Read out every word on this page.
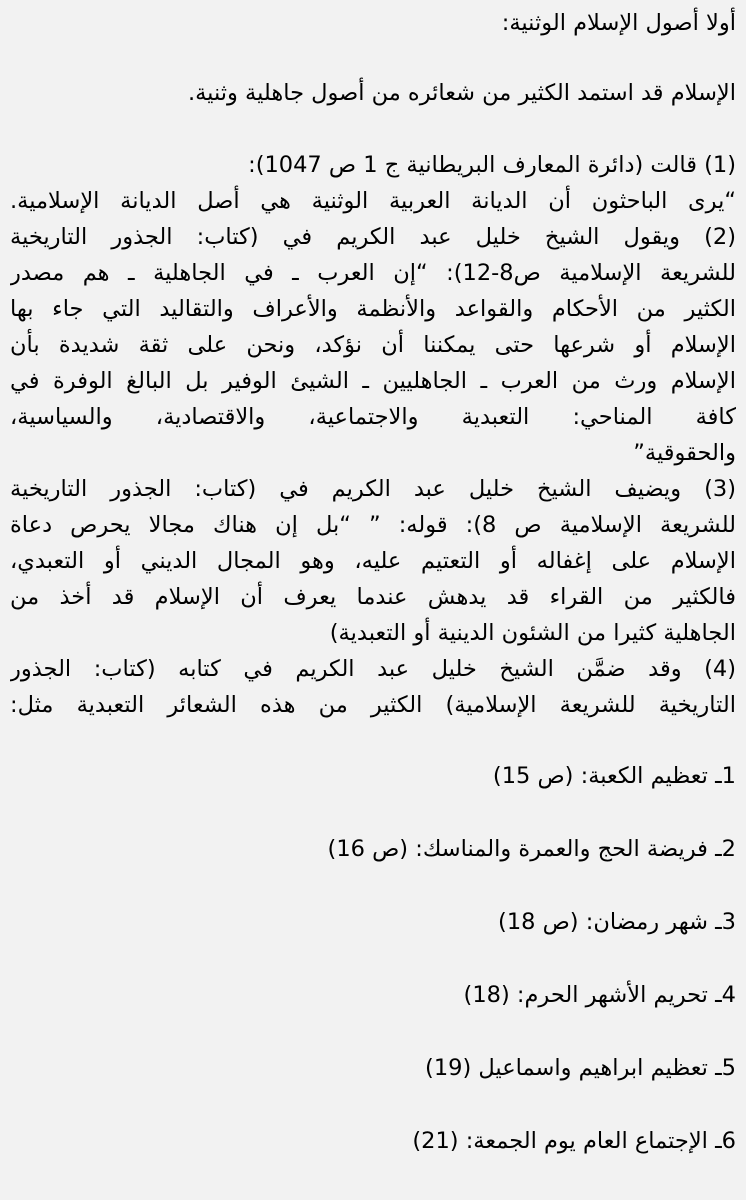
أولا أصول الإسلام الوثنية:
الإسلام قد استمد الكثير من شعائره من أصول جاهلية وثنية.
(1) قالت (دائرة المعارف البريطانية ج 1 ص 1047):
“يرى الباحثون أن الديانة العربية الوثنية هي أصل الديانة الإسلامية.
(2) ويقول الشيخ خليل عبد الكريم في (كتاب: الجذور التاريخية
للشريعة الإسلامية ص8-12): “إن العرب ـ في الجاهلية ـ هم مصدر
الكثير من الأحكام والقواعد والأنظمة والأعراف والتقاليد التي جاء بها
الإسلام أو شرعها حتى يمكننا أن نؤكد، ونحن على ثقة شديدة بأن
الإسلام ورث من العرب ـ الجاهليين ـ الشيئ الوفير بل البالغ الوفرة في
كافة المناحي: التعبدية والاجتماعية، والاقتصادية، والسياسية،
والحقوقية”
(3) ويضيف الشيخ خليل عبد الكريم في (كتاب: الجذور التاريخية
للشريعة الإسلامية ص 8): قوله: ” “بل إن هناك مجالا يحرص دعاة
الإسلام على إغفاله أو التعتيم عليه، وهو المجال الديني أو التعبدي،
فالكثير من القراء قد يدهش عندما يعرف أن الإسلام قد أخذ من
الجاهلية كثيرا من الشئون الدينية أو التعبدية)
(4) وقد ضمَّن الشيخ خليل عبد الكريم في كتابه (كتاب: الجذور
التاريخية للشريعة الإسلامية) الكثير من هذه الشعائر التعبدية مثل:
1ـ تعظيم الكعبة: (ص 15)
2ـ فريضة الحج والعمرة والمناسك: (ص 16)
3ـ شهر رمضان: (ص 18)
4ـ تحريم الأشهر الحرم: (18)
5ـ تعظيم ابراهيم واسماعيل (19)
6ـ الإجتماع العام يوم الجمعة: (21)
